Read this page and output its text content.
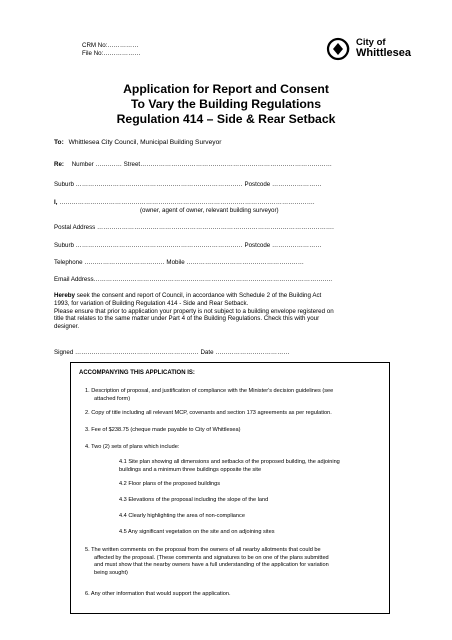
CRM No:……………
File No:………………
City of
Whittlesea
Application for Report and Consent
To Vary the Building Regulations
Regulation 414 – Side & Rear Setback
To: Whittlesea City Council, Municipal Building Surveyor
Re: Number …….…… Street…………………………………………………………………………………
Suburb ……………………………………………………………………… Postcode ……………………
I, …………………………………………………………………………………………………………….
(owner, agent of owner, relevant building surveyor)
Postal Address …………………………………………………………………………………………………….
Suburb ……………………………………………………………………… Postcode ……………………
Telephone ………………………………… Mobile …………………………………………………
Email Address……………………………………………………………………………………………………..
Hereby seek the consent and report of Council, in accordance with Schedule 2 of the Building Act
1993, for variation of Building Regulation 414 - Side and Rear Setback.
Please ensure that prior to application your property is not subject to a building envelope registered on
title that relates to the same matter under Part 4 of the Building Regulations. Check this with your
designer.
Signed …………………………………………………… Date ………………………………
ACCOMPANYING THIS APPLICATION IS:
1. Description of proposal, and justification of compliance with the Minister's decision guidelines (see
attached form)
2. Copy of title including all relevant MCP, covenants and section 173 agreements as per regulation.
3. Fee of $238.75 (cheque made payable to City of Whittlesea)
4. Two (2) sets of plans which include:
4.1 Site plan showing all dimensions and setbacks of the proposed building, the adjoining
buildings and a minimum three buildings opposite the site
4.2 Floor plans of the proposed buildings
4.3 Elevations of the proposal including the slope of the land
4.4 Clearly highlighting the area of non-compliance
4.5 Any significant vegetation on the site and on adjoining sites
5. The written comments on the proposal from the owners of all nearby allotments that could be
affected by the proposal. (These comments and signatures to be on one of the plans submitted
and must show that the nearby owners have a full understanding of the application for variation
being sought)
6. Any other information that would support the application.
